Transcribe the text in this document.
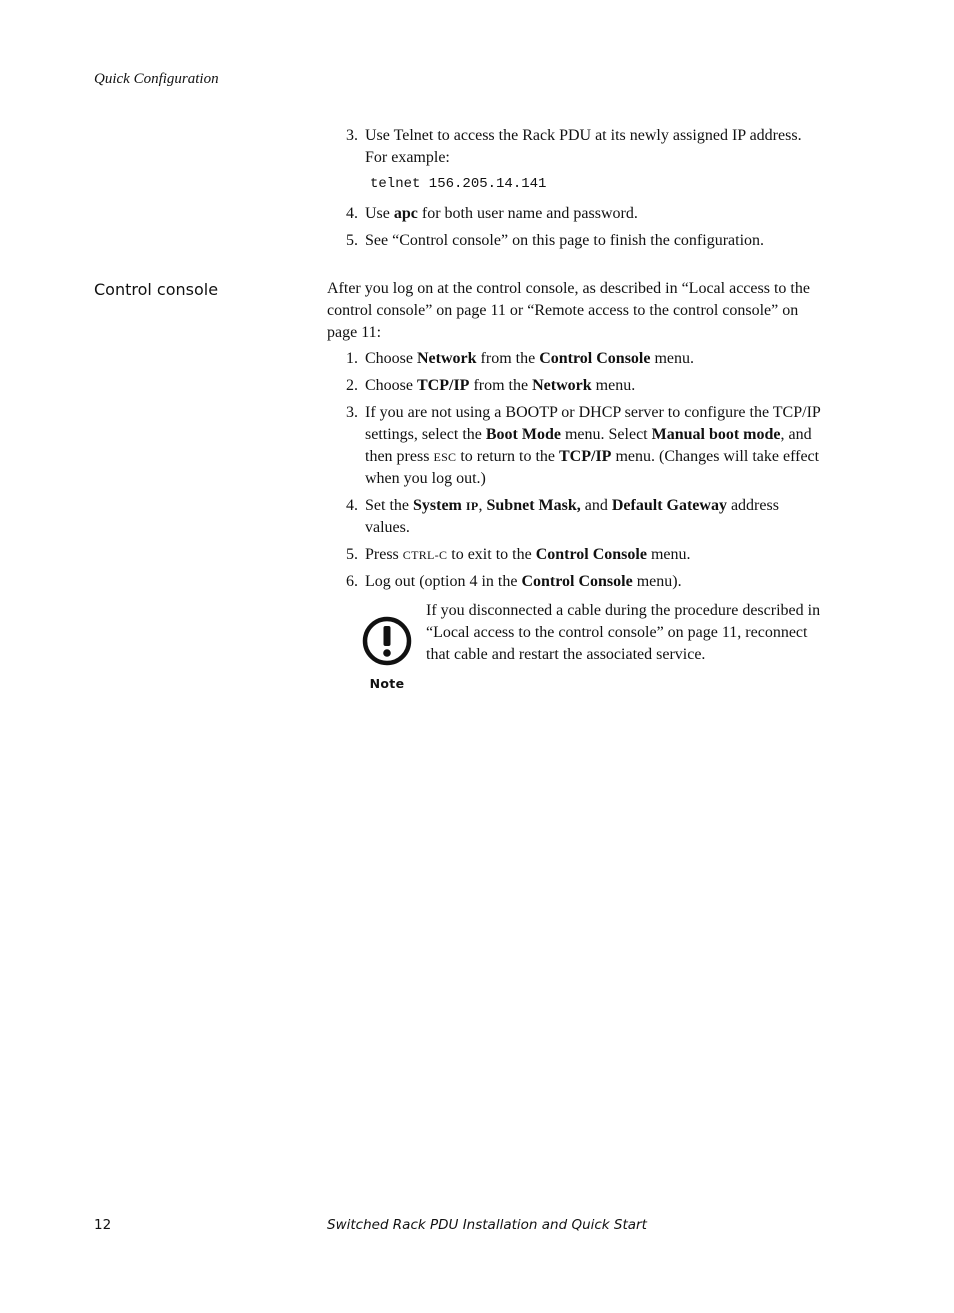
Quick Configuration
3. Use Telnet to access the Rack PDU at its newly assigned IP address. For example:
telnet 156.205.14.141
4. Use apc for both user name and password.
5. See “Control console” on this page to finish the configuration.
Control console	After you log on at the control console, as described in “Local access to the control console” on page 11 or “Remote access to the control console” on page 11:

1. Choose Network from the Control Console menu.
2. Choose TCP/IP from the Network menu.
3. If you are not using a BOOTP or DHCP server to configure the TCP/IP settings, select the Boot Mode menu. Select Manual boot mode, and then press ESC to return to the TCP/IP menu. (Changes will take effect when you log out.)
4. Set the System IP, Subnet Mask, and Default Gateway address values.
5. Press CTRL-C to exit to the Control Console menu.
6. Log out (option 4 in the Control Console menu).
Note

If you disconnected a cable during the procedure described in “Local access to the control console” on page 11, reconnect that cable and restart the associated service.

12	Switched Rack PDU Installation and Quick Start
